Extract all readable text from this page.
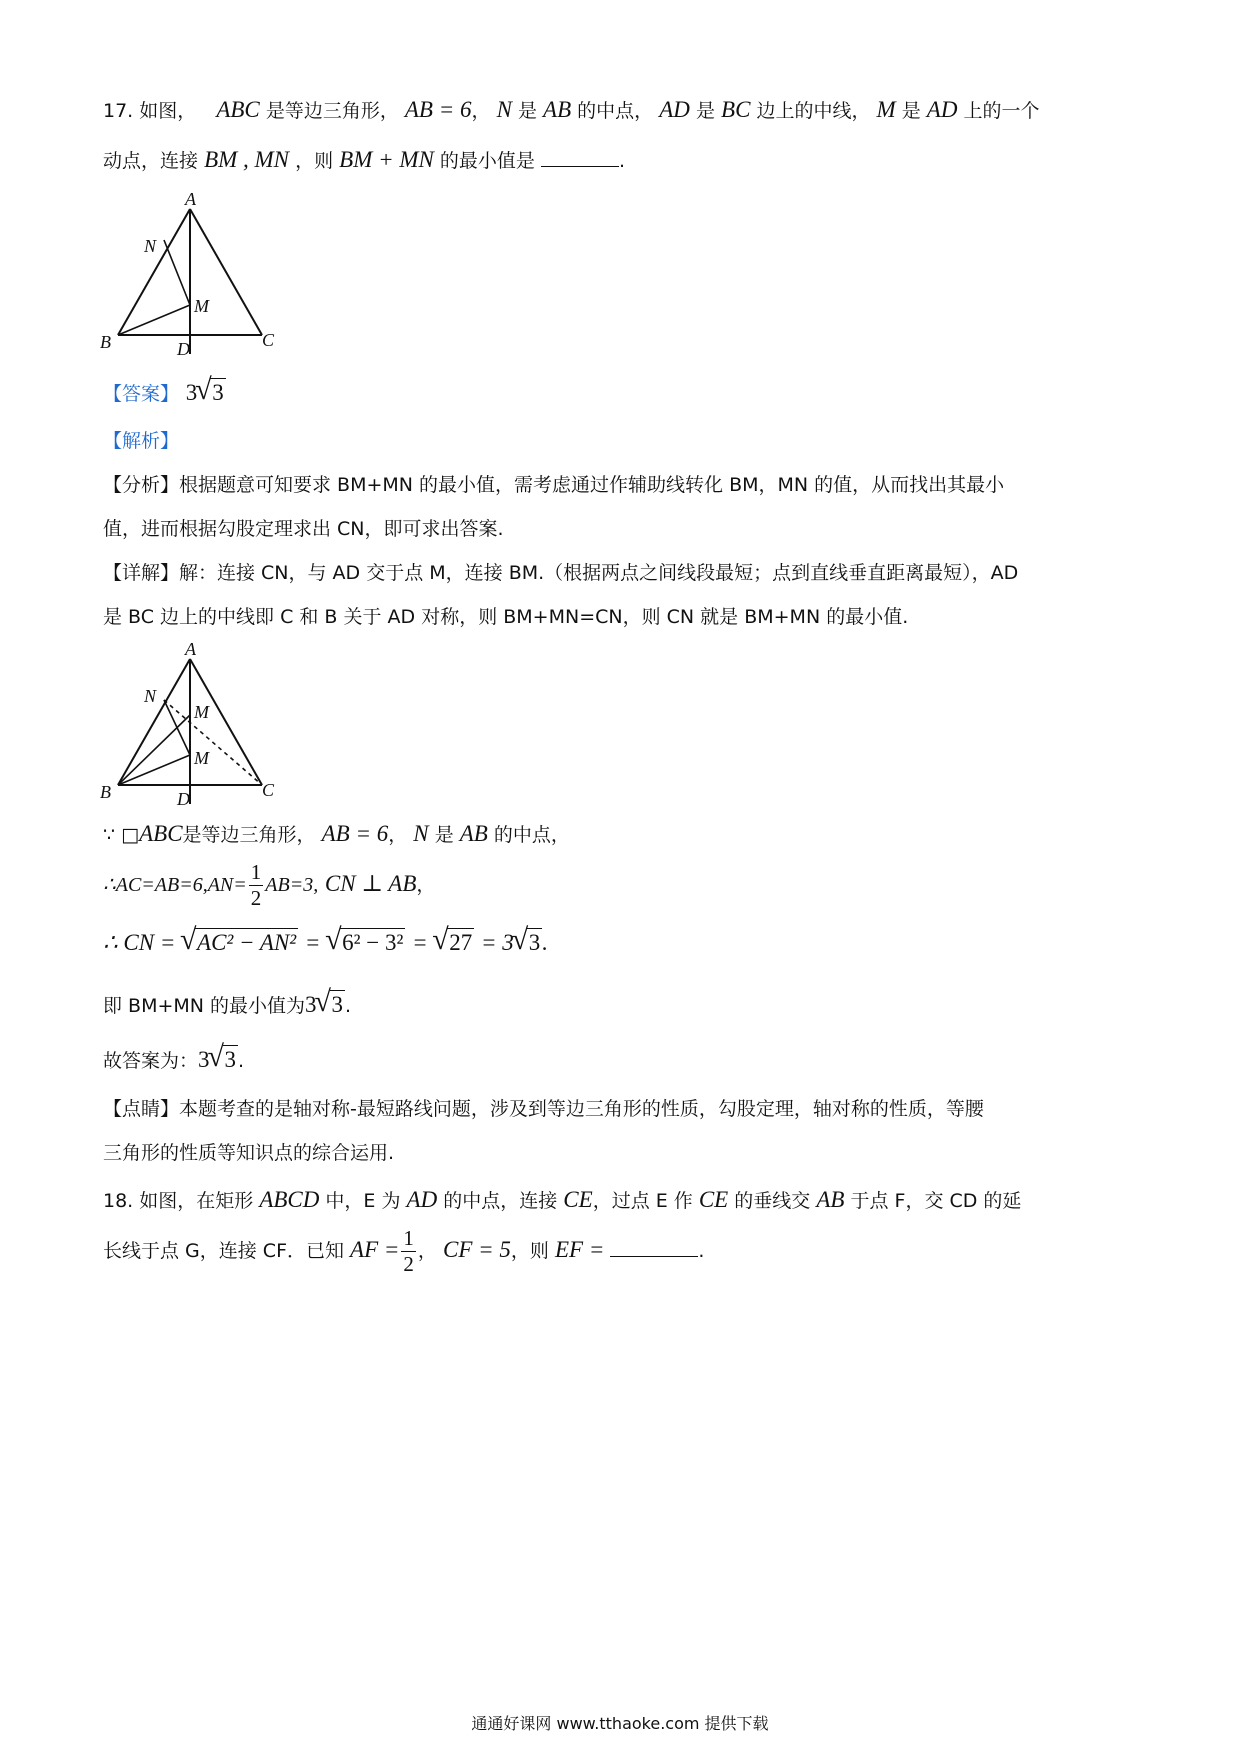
17. 如图， ABC 是等边三角形， AB = 6， N 是 AB 的中点， AD 是 BC 边上的中线， M 是 AD 上的一个
动点，连接 BM , MN ，则 BM + MN 的最小值是	.
A
N
M
B	D	C
【答案】 3 √ 3
【解析】
【分析】根据题意可知要求 BM+MN 的最小值，需考虑通过作辅助线转化 BM，MN 的值，从而找出其最小
值，进而根据勾股定理求出 CN，即可求出答案.
【详解】解：连接 CN，与 AD 交于点 M，连接 BM.（根据两点之间线段最短；点到直线垂直距离最短），AD
是 BC 边上的中线即 C 和 B 关于 AD 对称，则 BM+MN=CN，则 CN 就是 BM+MN 的最小值.
A
N
M
M
B	D	C
∵ □ABC是等边三角形， AB = 6， N 是 AB 的中点，
∴AC=AB=6,AN= $\frac{1}{2} AB=3$, CN ⊥ AB，
∴ CN = √ AC² − AN² = √ 6² − 3² = √ 27 = 3 √ 3.
即 BM+MN 的最小值为3 √ 3 .
故答案为：3 √ 3 .
【点睛】本题考查的是轴对称-最短路线问题，涉及到等边三角形的性质，勾股定理，轴对称的性质，等腰
三角形的性质等知识点的综合运用.
18. 如图，在矩形 ABCD 中，E 为 AD 的中点，连接 CE，过点 E 作 CE 的垂线交 AB 于点 F，交 CD 的延
长线于点 G，连接 CF．已知 AF = $\frac{1}{2}$ ， CF = 5，则 EF =	.
通通好课网 www.tthaoke.com 提供下载
